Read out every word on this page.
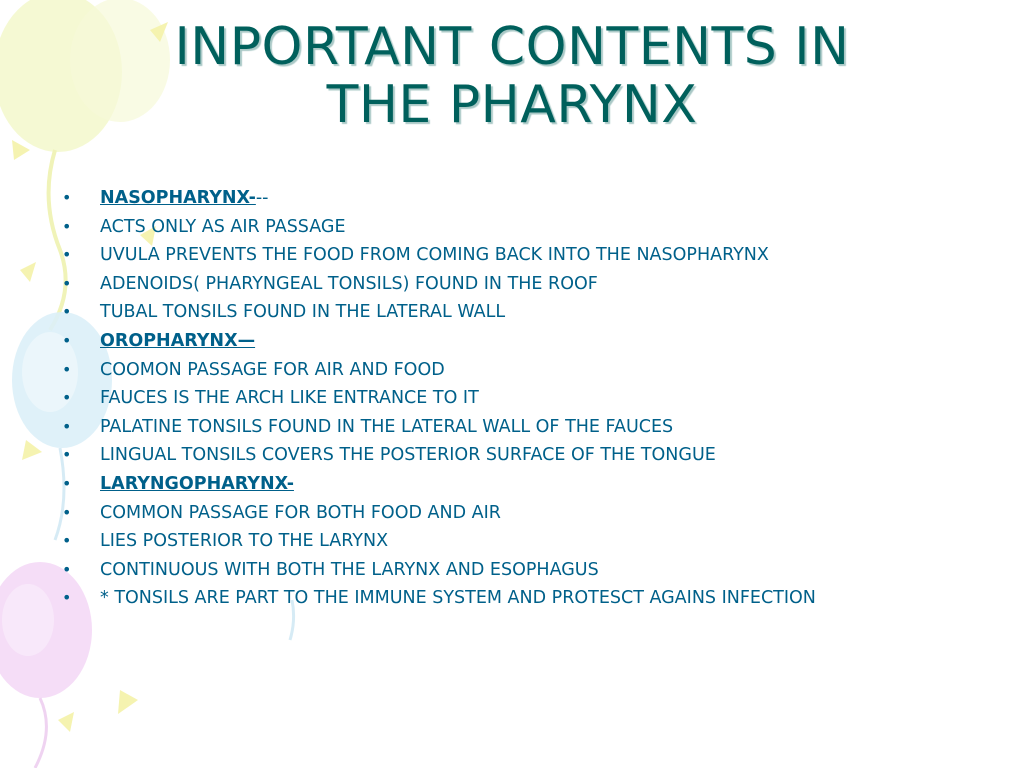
INPORTANT CONTENTS IN
THE PHARYNX
• NASOPHARYNX---
• ACTS ONLY AS AIR PASSAGE
• UVULA PREVENTS THE FOOD FROM COMING BACK INTO THE NASOPHARYNX
• ADENOIDS( PHARYNGEAL TONSILS) FOUND IN THE ROOF
• TUBAL TONSILS FOUND IN THE LATERAL WALL
• OROPHARYNX—
• COOMON PASSAGE FOR AIR AND FOOD
• FAUCES IS THE ARCH LIKE ENTRANCE TO IT
• PALATINE TONSILS FOUND IN THE LATERAL WALL OF THE FAUCES
• LINGUAL TONSILS COVERS THE POSTERIOR SURFACE OF THE TONGUE
• LARYNGOPHARYNX-
• COMMON PASSAGE FOR BOTH FOOD AND AIR
• LIES POSTERIOR TO THE LARYNX
• CONTINUOUS WITH BOTH THE LARYNX AND ESOPHAGUS
• * TONSILS ARE PART TO THE IMMUNE SYSTEM AND PROTESCT AGAINS INFECTION
